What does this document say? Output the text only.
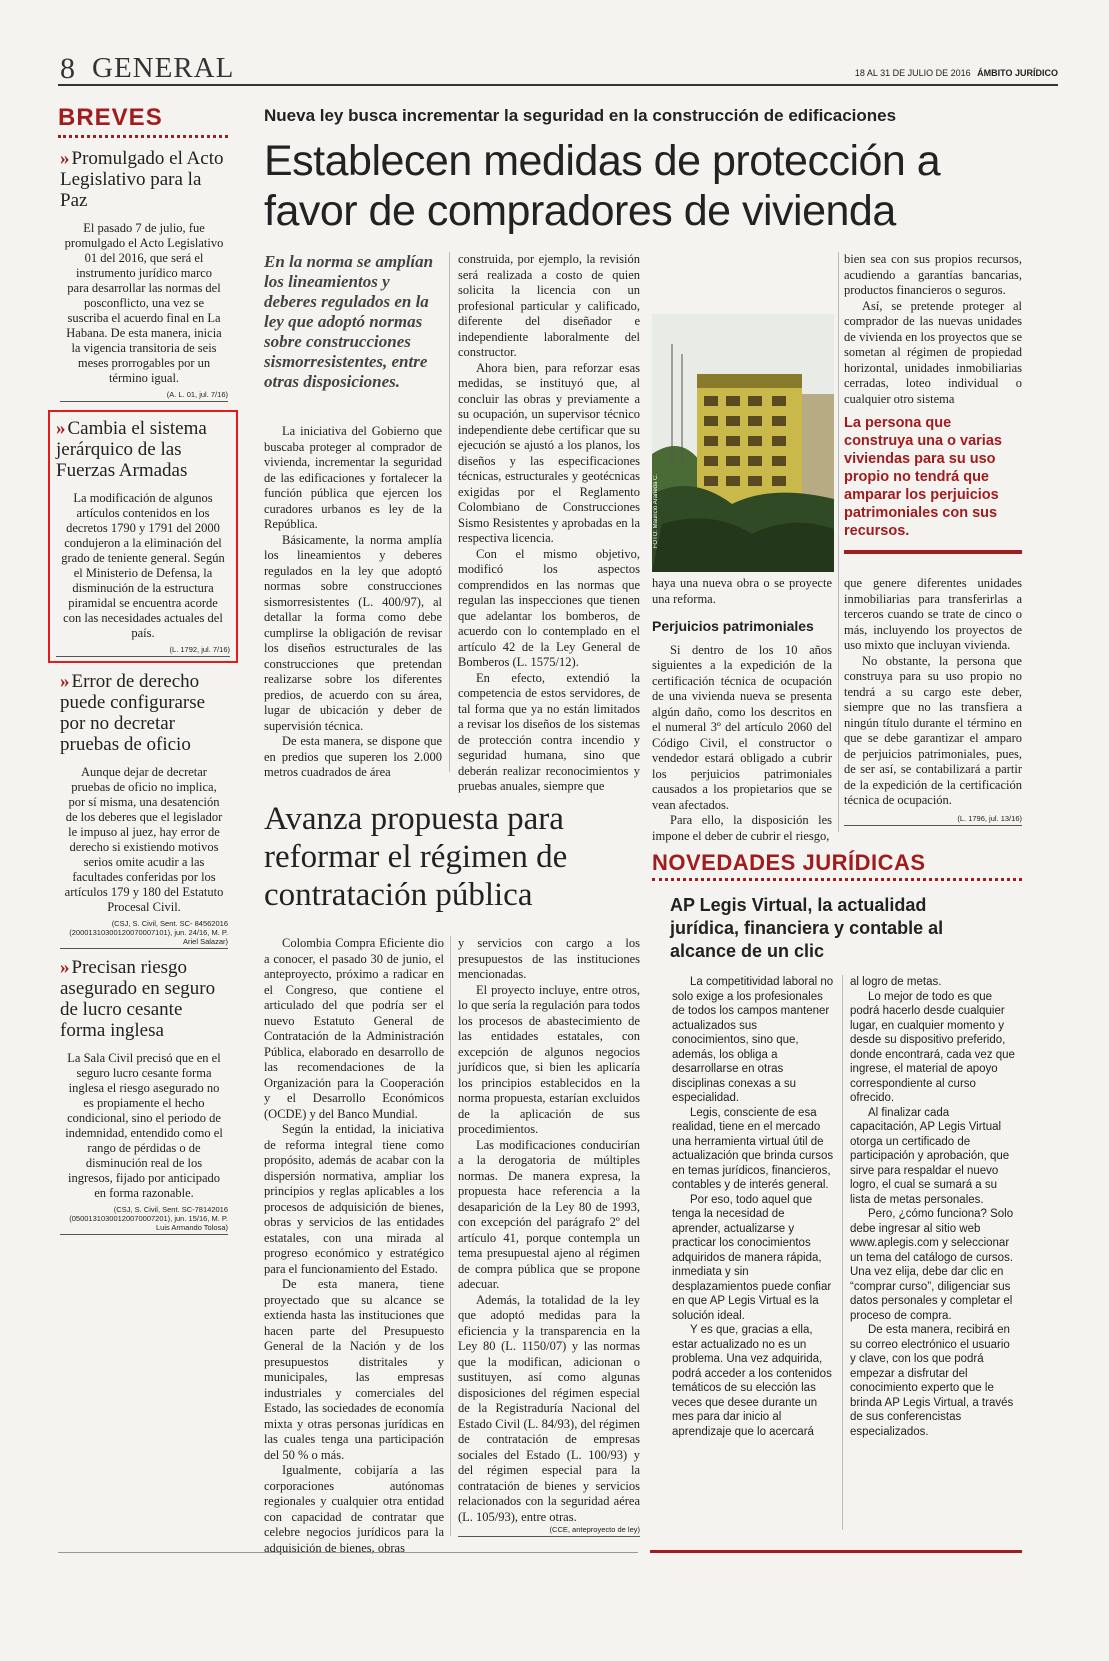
8 GENERAL	18 AL 31 DE JULIO DE 2016 ÁMBITO JURÍDICO
BREVES
» Promulgado el Acto Legislativo para la Paz
El pasado 7 de julio, fue promulgado el Acto Legislativo 01 del 2016, que será el instrumento jurídico marco para desarrollar las normas del posconflicto, una vez se suscriba el acuerdo final en La Habana. De esta manera, inicia la vigencia transitoria de seis meses prorrogables por un término igual.
(A. L. 01, jul. 7/16)
» Cambia el sistema jerárquico de las Fuerzas Armadas
La modificación de algunos artículos contenidos en los decretos 1790 y 1791 del 2000 condujeron a la eliminación del grado de teniente general. Según el Ministerio de Defensa, la disminución de la estructura piramidal se encuentra acorde con las necesidades actuales del país.
(L. 1792, jul. 7/16)
» Error de derecho puede configurarse por no decretar pruebas de oficio
Aunque dejar de decretar pruebas de oficio no implica, por sí misma, una desatención de los deberes que el legislador le impuso al juez, hay error de derecho si existiendo motivos serios omite acudir a las facultades conferidas por los artículos 179 y 180 del Estatuto Procesal Civil.
(CSJ, S. Civil, Sent. SC- 84562016 (20001310300120070007101), jun. 24/16, M. P. Ariel Salazar)
» Precisan riesgo asegurado en seguro de lucro cesante forma inglesa
La Sala Civil precisó que en el seguro lucro cesante forma inglesa el riesgo asegurado no es propiamente el hecho condicional, sino el periodo de indemnidad, entendido como el rango de pérdidas o de disminución real de los ingresos, fijado por anticipado en forma razonable.
(CSJ, S. Civil, Sent. SC-78142016 (05001310300120070007201), jun. 15/16, M. P. Luis Armando Tolosa)
Nueva ley busca incrementar la seguridad en la construcción de edificaciones
Establecen medidas de protección a favor de compradores de vivienda
En la norma se amplían los lineamientos y deberes regulados en la ley que adoptó normas sobre construcciones sismorresistentes, entre otras disposiciones.

La iniciativa del Gobierno que buscaba proteger al comprador de vivienda, incrementar la seguridad de las edificaciones y fortalecer la función pública que ejercen los curadores urbanos es ley de la República.

Básicamente, la norma amplía los lineamientos y deberes regulados en la ley que adoptó normas sobre construcciones sismorresistentes (L. 400/97), al detallar la forma como debe cumplirse la obligación de revisar los diseños estructurales de las construcciones que pretendan realizarse sobre los diferentes predios, de acuerdo con su área, lugar de ubicación y deber de supervisión técnica.

De esta manera, se dispone que en predios que superen los 2.000 metros cuadrados de área

construida, por ejemplo, la revisión será realizada a costo de quien solicita la licencia con un profesional particular y calificado, diferente del diseñador e independiente laboralmente del constructor.

Ahora bien, para reforzar esas medidas, se instituyó que, al concluir las obras y previamente a su ocupación, un supervisor técnico independiente debe certificar que su ejecución se ajustó a los planos, los diseños y las especificaciones técnicas, estructurales y geotécnicas exigidas por el Reglamento Colombiano de Construcciones Sismo Resistentes y aprobadas en la respectiva licencia.

Con el mismo objetivo, modificó los aspectos comprendidos en las normas que regulan las inspecciones que tienen que adelantar los bomberos, de acuerdo con lo contemplado en el artículo 42 de la Ley General de Bomberos (L. 1575/12).

En efecto, extendió la competencia de estos servidores, de tal forma que ya no están limitados a revisar los diseños de los sistemas de protección contra incendio y seguridad humana, sino que deberán realizar reconocimientos y pruebas anuales, siempre que

FOTO: Mauricio Araneda C.

haya una nueva obra o se proyecte una reforma.

Perjuicios patrimoniales

Si dentro de los 10 años siguientes a la expedición de la certificación técnica de ocupación de una vivienda nueva se presenta algún daño, como los descritos en el numeral 3º del artículo 2060 del Código Civil, el constructor o vendedor estará obligado a cubrir los perjuicios patrimoniales causados a los propietarios que se vean afectados.

Para ello, la disposición les impone el deber de cubrir el riesgo,

bien sea con sus propios recursos, acudiendo a garantías bancarias, productos financieros o seguros.

Así, se pretende proteger al comprador de las nuevas unidades de vivienda en los proyectos que se sometan al régimen de propiedad horizontal, unidades inmobiliarias cerradas, loteo individual o cualquier otro sistema

La persona que construya una o varias viviendas para su uso propio no tendrá que amparar los perjuicios patrimoniales con sus recursos.

que genere diferentes unidades inmobiliarias para transferirlas a terceros cuando se trate de cinco o más, incluyendo los proyectos de uso mixto que incluyan vivienda.

No obstante, la persona que construya para su uso propio no tendrá a su cargo este deber, siempre que no las transfiera a ningún título durante el término en que se debe garantizar el amparo de perjuicios patrimoniales, pues, de ser así, se contabilizará a partir de la expedición de la certificación técnica de ocupación.

(L. 1796, jul. 13/16)
Avanza propuesta para reformar el régimen de contratación pública

Colombia Compra Eficiente dio a conocer, el pasado 30 de junio, el anteproyecto, próximo a radicar en el Congreso, que contiene el articulado del que podría ser el nuevo Estatuto General de Contratación de la Administración Pública, elaborado en desarrollo de las recomendaciones de la Organización para la Cooperación y el Desarrollo Económicos (OCDE) y del Banco Mundial.

Según la entidad, la iniciativa de reforma integral tiene como propósito, además de acabar con la dispersión normativa, ampliar los principios y reglas aplicables a los procesos de adquisición de bienes, obras y servicios de las entidades estatales, con una mirada al progreso económico y estratégico para el funcionamiento del Estado.

De esta manera, tiene proyectado que su alcance se extienda hasta las instituciones que hacen parte del Presupuesto General de la Nación y de los presupuestos distritales y municipales, las empresas industriales y comerciales del Estado, las sociedades de economía mixta y otras personas jurídicas en las cuales tenga una participación del 50 % o más.

Igualmente, cobijaría a las corporaciones autónomas regionales y cualquier otra entidad con capacidad de contratar que celebre negocios jurídicos para la adquisición de bienes, obras

y servicios con cargo a los presupuestos de las instituciones mencionadas.

El proyecto incluye, entre otros, lo que sería la regulación para todos los procesos de abastecimiento de las entidades estatales, con excepción de algunos negocios jurídicos que, si bien les aplicaría los principios establecidos en la norma propuesta, estarían excluidos de la aplicación de sus procedimientos.

Las modificaciones conducirían a la derogatoria de múltiples normas. De manera expresa, la propuesta hace referencia a la desaparición de la Ley 80 de 1993, con excepción del parágrafo 2º del artículo 41, porque contempla un tema presupuestal ajeno al régimen de compra pública que se propone adecuar.

Además, la totalidad de la ley que adoptó medidas para la eficiencia y la transparencia en la Ley 80 (L. 1150/07) y las normas que la modifican, adicionan o sustituyen, así como algunas disposiciones del régimen especial de la Registraduría Nacional del Estado Civil (L. 84/93), del régimen de contratación de empresas sociales del Estado (L. 100/93) y del régimen especial para la contratación de bienes y servicios relacionados con la seguridad aérea (L. 105/93), entre otras.

(CCE, anteproyecto de ley)
NOVEDADES JURÍDICAS
AP Legis Virtual, la actualidad jurídica, financiera y contable al alcance de un clic

La competitividad laboral no solo exige a los profesionales de todos los campos mantener actualizados sus conocimientos, sino que, además, los obliga a desarrollarse en otras disciplinas conexas a su especialidad.

Legis, consciente de esa realidad, tiene en el mercado una herramienta virtual útil de actualización que brinda cursos en temas jurídicos, financieros, contables y de interés general.

Por eso, todo aquel que tenga la necesidad de aprender, actualizarse y practicar los conocimientos adquiridos de manera rápida, inmediata y sin desplazamientos puede confiar en que AP Legis Virtual es la solución ideal.

Y es que, gracias a ella, estar actualizado no es un problema. Una vez adquirida, podrá acceder a los contenidos temáticos de su elección las veces que desee durante un mes para dar inicio al aprendizaje que lo acercará

al logro de metas.

Lo mejor de todo es que podrá hacerlo desde cualquier lugar, en cualquier momento y desde su dispositivo preferido, donde encontrará, cada vez que ingrese, el material de apoyo correspondiente al curso ofrecido.

Al finalizar cada capacitación, AP Legis Virtual otorga un certificado de participación y aprobación, que sirve para respaldar el nuevo logro, el cual se sumará a su lista de metas personales.

Pero, ¿cómo funciona? Solo debe ingresar al sitio web www.aplegis.com y seleccionar un tema del catálogo de cursos. Una vez elija, debe dar clic en “comprar curso”, diligenciar sus datos personales y completar el proceso de compra.

De esta manera, recibirá en su correo electrónico el usuario y clave, con los que podrá empezar a disfrutar del conocimiento experto que le brinda AP Legis Virtual, a través de sus conferencistas especializados.
